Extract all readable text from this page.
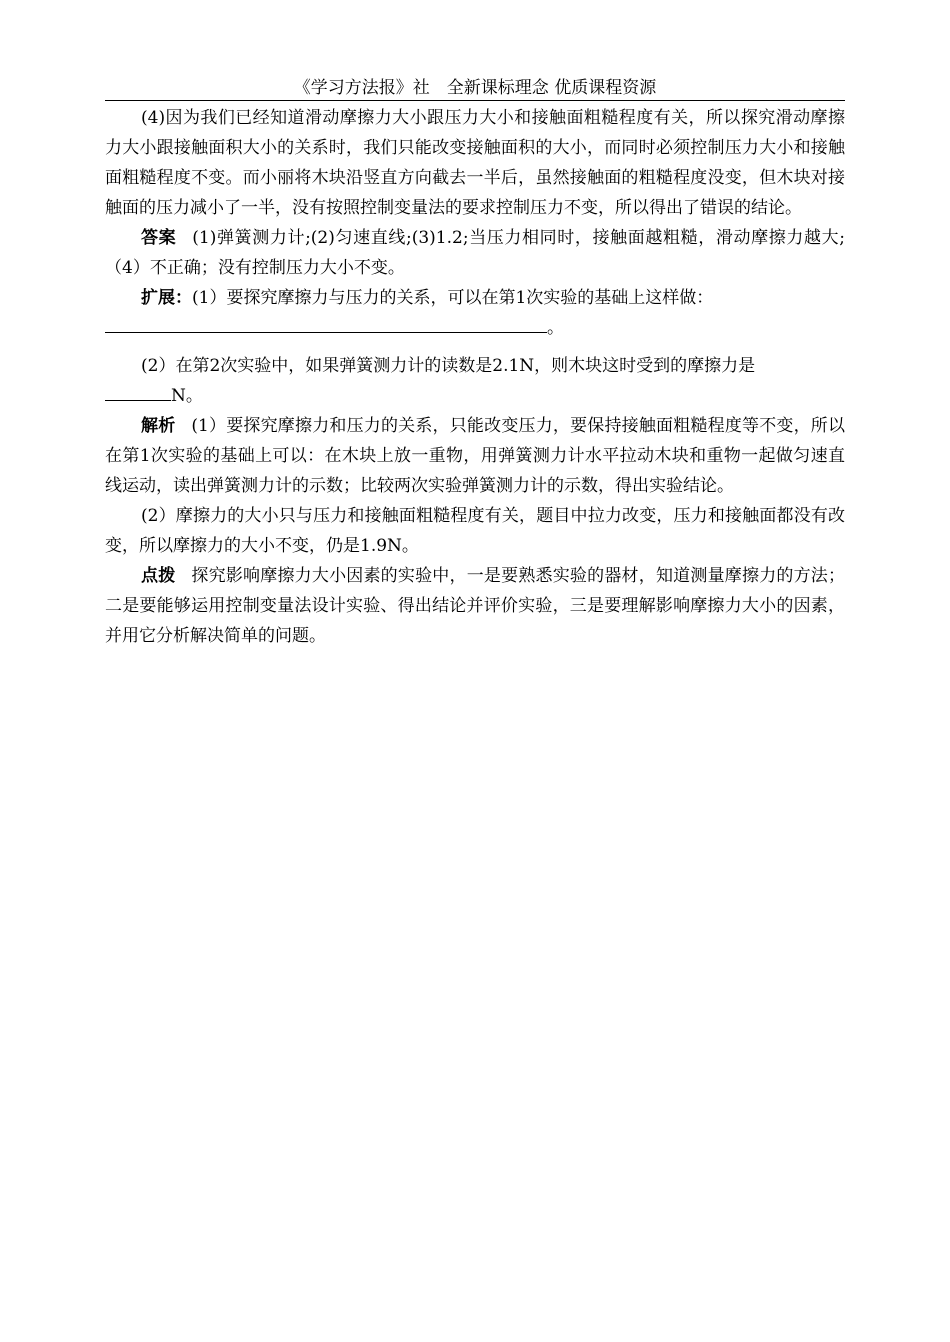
《学习方法报》社　全新课标理念 优质课程资源

(4)因为我们已经知道滑动摩擦力大小跟压力大小和接触面粗糙程度有关，所以探究滑动摩擦力大小跟接触面积大小的关系时，我们只能改变接触面积的大小，而同时必须控制压力大小和接触面粗糙程度不变。而小丽将木块沿竖直方向截去一半后，虽然接触面的粗糙程度没变，但木块对接触面的压力减小了一半，没有按照控制变量法的要求控制压力不变，所以得出了错误的结论。

答案 (1)弹簧测力计;(2)匀速直线;(3)1.2;当压力相同时，接触面越粗糙，滑动摩擦力越大;（4）不正确；没有控制压力大小不变。

扩展：(1）要探究摩擦力与压力的关系，可以在第1次实验的基础上这样做：

。

(2）在第2次实验中，如果弹簧测力计的读数是2.1N，则木块这时受到的摩擦力是

N。

解析 (1）要探究摩擦力和压力的关系，只能改变压力，要保持接触面粗糙程度等不变，所以在第1次实验的基础上可以：在木块上放一重物，用弹簧测力计水平拉动木块和重物一起做匀速直线运动，读出弹簧测力计的示数；比较两次实验弹簧测力计的示数，得出实验结论。

(2）摩擦力的大小只与压力和接触面粗糙程度有关，题目中拉力改变，压力和接触面都没有改变，所以摩擦力的大小不变，仍是1.9N。

点拨 探究影响摩擦力大小因素的实验中，一是要熟悉实验的器材，知道测量摩擦力的方法；二是要能够运用控制变量法设计实验、得出结论并评价实验，三是要理解影响摩擦力大小的因素，并用它分析解决简单的问题。
